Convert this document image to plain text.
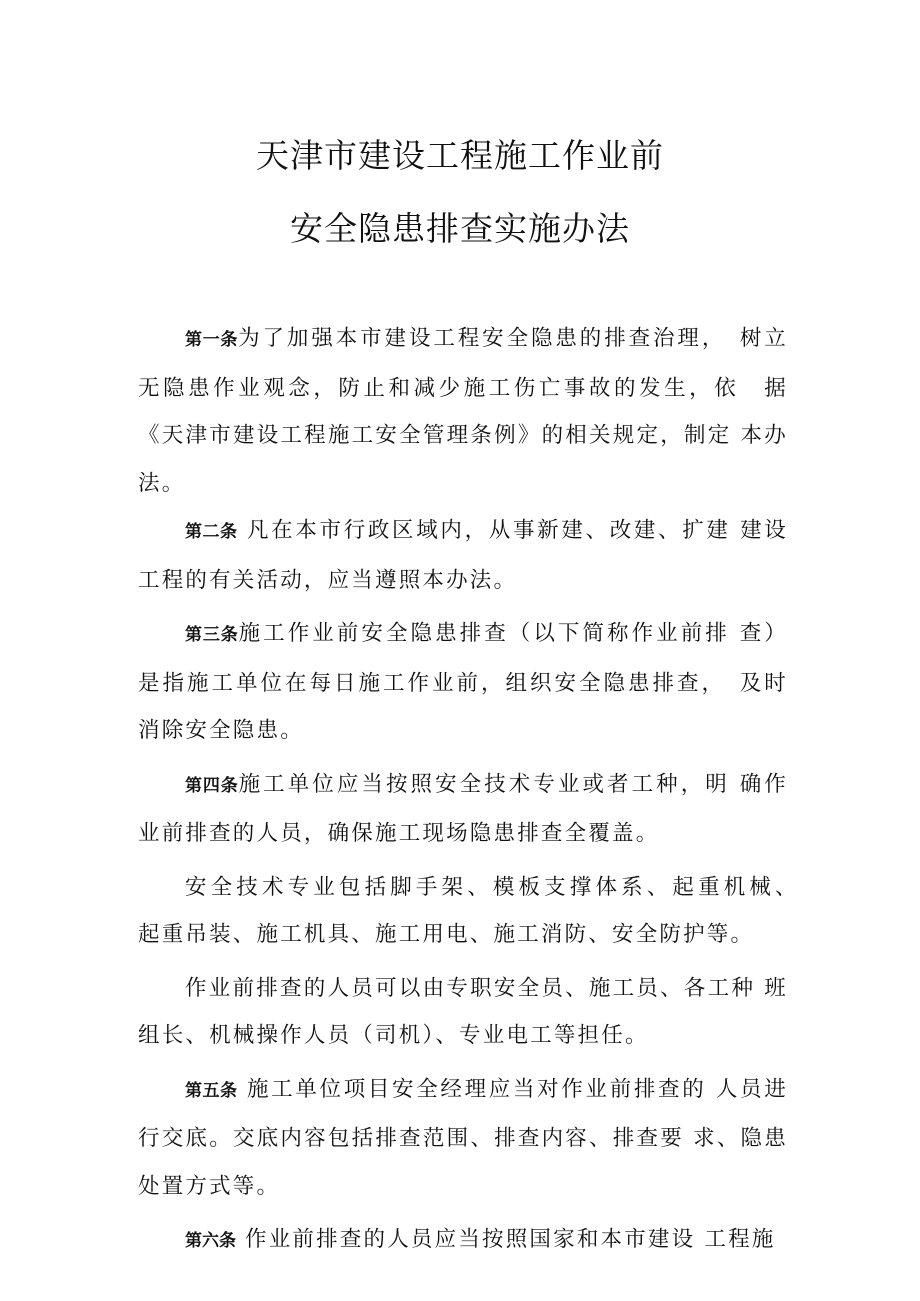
天津市建设工程施工作业前
安全隐患排查实施办法

第一条为了加强本市建设工程安全隐患的排查治理，　树立无隐患作业观念，防止和减少施工伤亡事故的发生，依　据《天津市建设工程施工安全管理条例》的相关规定，制定 本办法。

第二条 凡在本市行政区域内，从事新建、改建、扩建 建设工程的有关活动，应当遵照本办法。

第三条施工作业前安全隐患排查（以下简称作业前排 查）是指施工单位在每日施工作业前，组织安全隐患排查，　及时消除安全隐患。

第四条施工单位应当按照安全技术专业或者工种，明 确作业前排查的人员，确保施工现场隐患排查全覆盖。

安全技术专业包括脚手架、模板支撑体系、起重机械、　起重吊装、施工机具、施工用电、施工消防、安全防护等。

作业前排查的人员可以由专职安全员、施工员、各工种 班组长、机械操作人员（司机）、专业电工等担任。

第五条 施工单位项目安全经理应当对作业前排查的 人员进行交底。交底内容包括排查范围、排查内容、排查要 求、隐患处置方式等。

第六条 作业前排查的人员应当按照国家和本市建设 工程施
